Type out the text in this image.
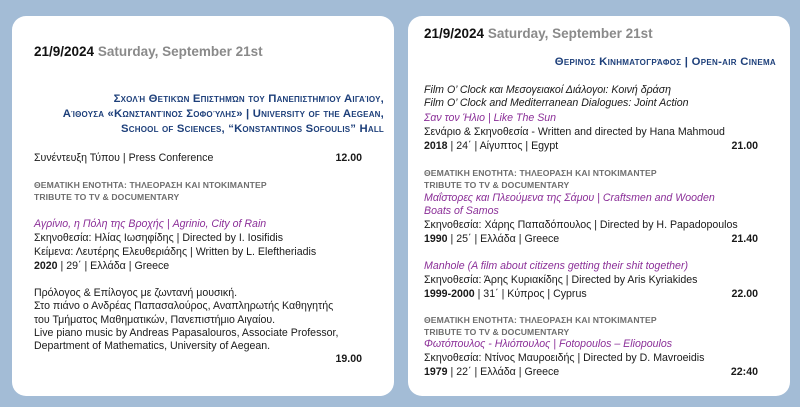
21/9/2024 Saturday, September 21st
Σχολή Θετικών Επιστημών του Πανεπιστημίου Αιγαίου,
Αίθουσα «Κωνσταντίνος Σοφούλης» | University of the Aegean,
School of Sciences, “Konstantinos Sofoulis” Hall
Συνέντευξη Τύπου | Press Conference	12.00
ΘΕΜΑΤΙΚΗ ΕΝΟΤΗΤΑ: ΤΗΛΕΟΡΑΣΗ ΚΑΙ ΝΤΟΚΙΜΑΝΤΕΡ
TRIBUTE TO TV & DOCUMENTARY
Αγρίνιο, η Πόλη της Βροχής | Agrinio, City of Rain
Σκηνοθεσία: Ηλίας Ιωσηφίδης | Directed by I. Iosifidis
Κείμενα: Λευτέρης Ελευθεριάδης | Written by L. Eleftheriadis
2020 | 29΄ | Ελλάδα | Greece
Πρόλογος & Επίλογος με ζωντανή μουσική.
Στο πιάνο ο Ανδρέας Παπασαλούρος, Αναπληρωτής Καθηγητής
του Τμήματος Μαθηματικών, Πανεπιστήμιο Αιγαίου.
Live piano music by Andreas Papasalouros, Associate Professor,
Department of Mathematics, University of Aegean.
19.00
21/9/2024 Saturday, September 21st
Θερινός Κινηματογράφος | Open-air Cinema
Film O’ Clock και Μεσογειακοί Διάλογοι: Κοινή δράση
Film O’ Clock and Mediterranean Dialogues: Joint Action
Σαν τον Ήλιο | Like The Sun
Σενάριο & Σκηνοθεσία - Written and directed by Hana Mahmoud
2018 | 24΄ | Αίγυπτος | Egypt	21.00
ΘΕΜΑΤΙΚΗ ΕΝΟΤΗΤΑ: ΤΗΛΕΟΡΑΣΗ ΚΑΙ ΝΤΟΚΙΜΑΝΤΕΡ
TRIBUTE TO TV & DOCUMENTARY
Μαΐστορες και Πλεούμενα της Σάμου | Craftsmen and Wooden
Boats of Samos
Σκηνοθεσία: Χάρης Παπαδόπουλος | Directed by H. Papadopoulos
1990 | 25΄ | Ελλάδα | Greece	21.40
Manhole (A film about citizens getting their shit together)
Σκηνοθεσία: Άρης Κυριακίδης | Directed by Aris Kyriakides
1999-2000 | 31΄ | Κύπρος | Cyprus	22.00
ΘΕΜΑΤΙΚΗ ΕΝΟΤΗΤΑ: ΤΗΛΕΟΡΑΣΗ ΚΑΙ ΝΤΟΚΙΜΑΝΤΕΡ
TRIBUTE TO TV & DOCUMENTARY
Φωτόπουλος - Ηλιόπουλος | Fotopoulos – Eliopoulos
Σκηνοθεσία: Ντίνος Μαυροειδής | Directed by D. Mavroeidis
1979 | 22΄ | Ελλάδα | Greece	22:40
